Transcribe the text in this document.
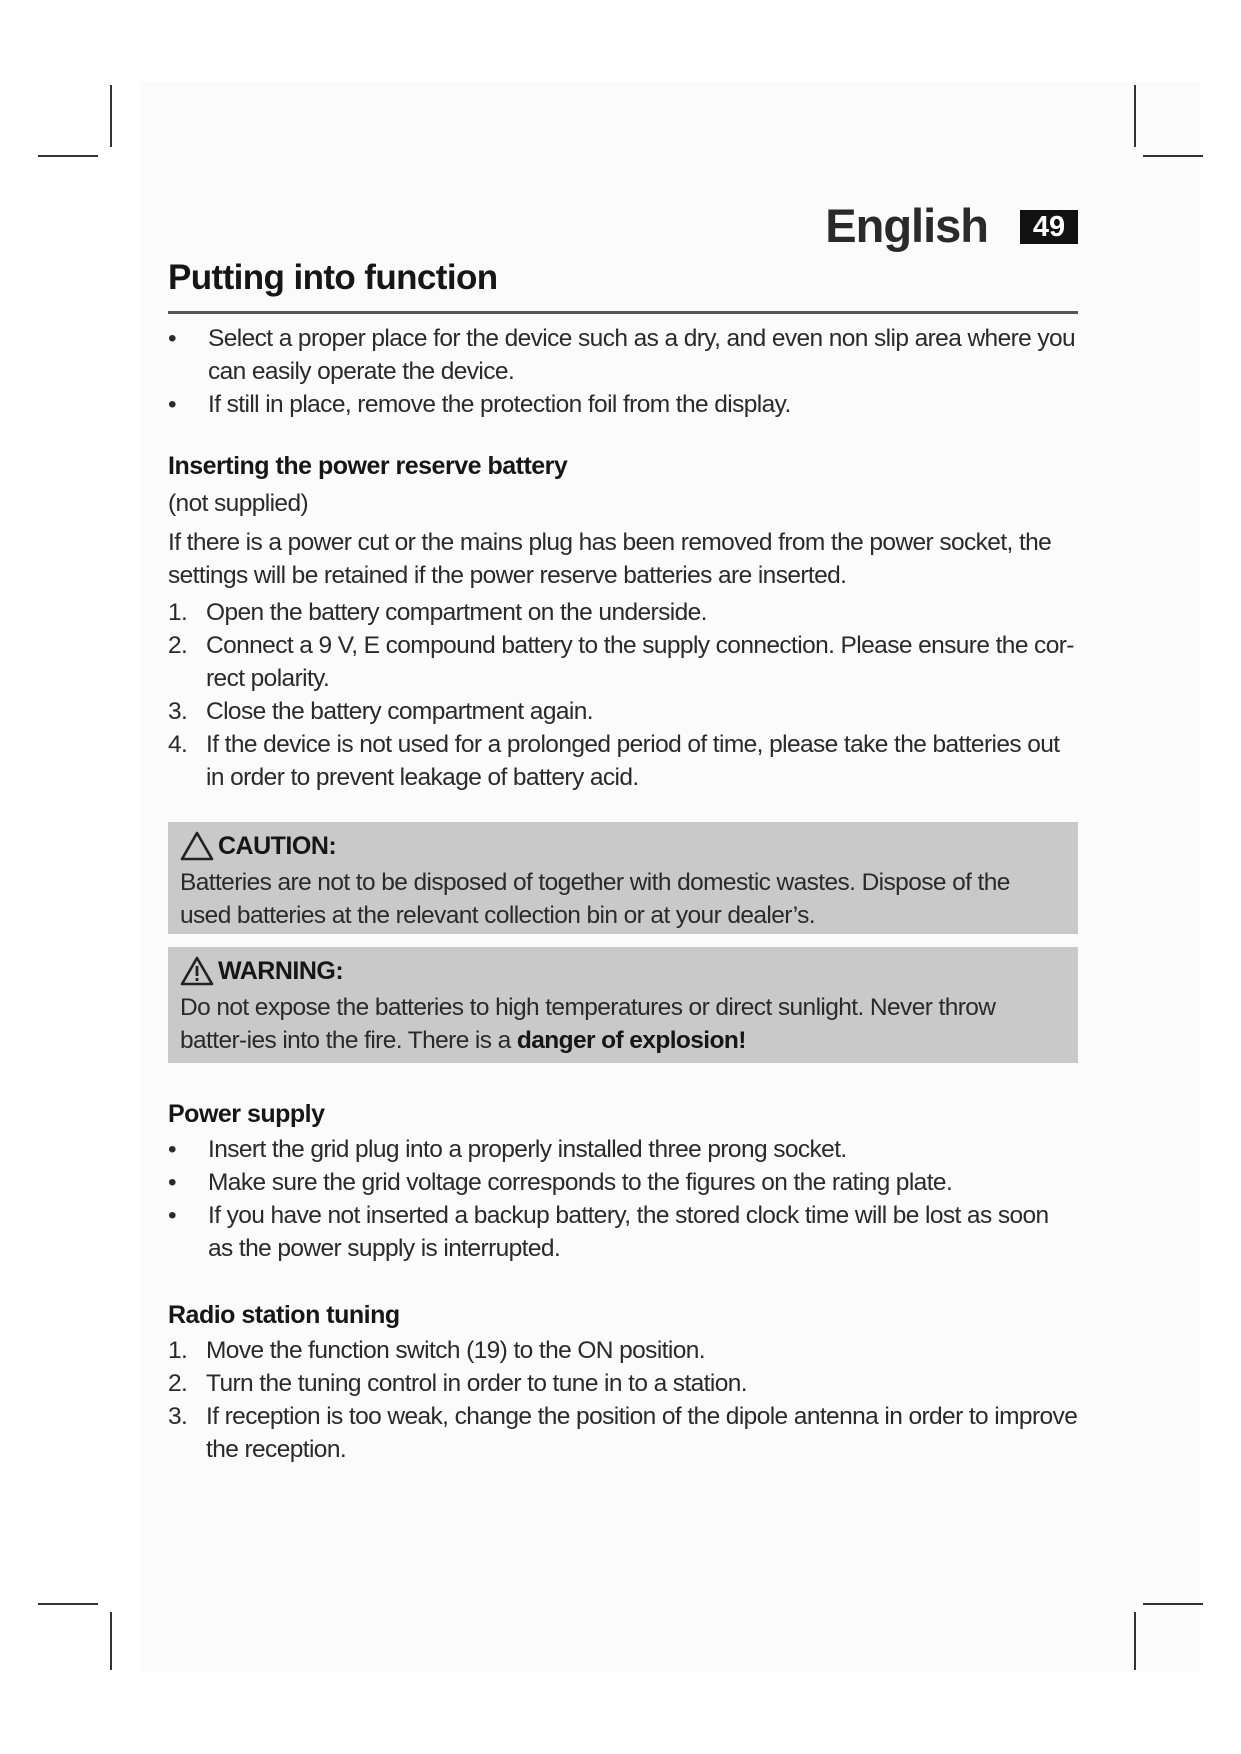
English	49
Putting into function
• Select a proper place for the device such as a dry, and even non slip area where you can easily operate the device.
• If still in place, remove the protection foil from the display.
Inserting the power reserve battery
(not supplied)
If there is a power cut or the mains plug has been removed from the power socket, the settings will be retained if the power reserve batteries are inserted.
1. Open the battery compartment on the underside.
2. Connect a 9 V, E compound battery to the supply connection. Please ensure the cor-rect polarity.
3. Close the battery compartment again.
4. If the device is not used for a prolonged period of time, please take the batteries out in order to prevent leakage of battery acid.
CAUTION:
Batteries are not to be disposed of together with domestic wastes. Dispose of the used batteries at the relevant collection bin or at your dealer’s.
WARNING:
Do not expose the batteries to high temperatures or direct sunlight. Never throw batter-ies into the fire. There is a danger of explosion!
Power supply
• Insert the grid plug into a properly installed three prong socket.
• Make sure the grid voltage corresponds to the figures on the rating plate.
• If you have not inserted a backup battery, the stored clock time will be lost as soon as the power supply is interrupted.
Radio station tuning
1. Move the function switch (19) to the ON position.
2. Turn the tuning control in order to tune in to a station.
3. If reception is too weak, change the position of the dipole antenna in order to improve the reception.
